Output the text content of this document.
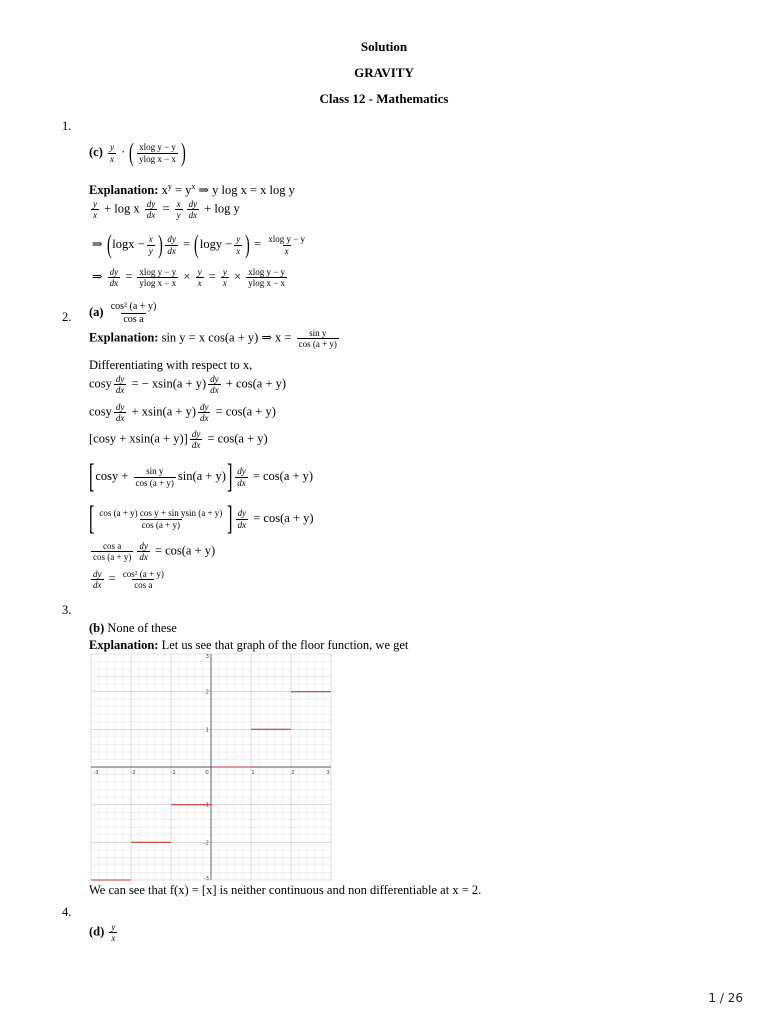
Solution
GRAVITY
Class 12 - Mathematics
1.
$(c) \frac{y}{x}$ · ( $\frac{\text{xlog y − y}}{\text{ylog x − x}}$ )
Explanation: $x^y = y^x$ ⇒ y log x = x log y
$\frac{y}{x} + \log x \frac{dy}{dx} = \frac{x}{y} \frac{dy}{dx} + \log y$
⇒ ($\log x - \frac{x}{y}$ ) $\frac{dy}{dx} = (\log y - \frac{y}{x}$ ) = $\frac{\text{xlog y − y}}{x}$
⇒ $\frac{dy}{dx} = \frac{\text{xlog y − y}}{\text{ylog x − x}} \times \frac{y}{x} = \frac{y}{x} \times \frac{\text{xlog y − y}}{\text{ylog x − x}}$
2. $(a) \frac{\text{cos² (a + y)}}{\text{cos a}}$
Explanation: sin y = x cos(a + y) ⇒ $x = \frac{\text{sin y}}{\cos (a + y)}$
Differentiating with respect to x,
cosy $\frac{dy}{dx}$ = − $xsin(a + y) \frac{dy}{dx} + \cos(a + y)$
cosy $\frac{dy}{dx} + xsin(a + y) \frac{dy}{dx} = \cos(a + y)$
$[\cos y + xsin(a + y)] \frac{dy}{dx} = \cos(a + y)$
$[\cos y + \frac{\text{sin y}}{\cos (a + y)} \sin(a + y)] \frac{dy}{dx} = \cos(a + y)$
[ $\frac{\text{cos (a + y) cos y + sin ysin (a + y)}}{\cos (a + y)}$ ] $\frac{dy}{dx} = \cos(a + y)$
$\frac{\text{cos a}}{\cos (a + y)} \frac{dy}{dx} = \cos(a + y)$
$\frac{dy}{dx} = \frac{\text{cos² (a + y)}}{\text{cos a}}$
3.
(b) None of these
Explanation: Let us see that graph of the floor function, we get
-3	-2	-1	0	1	2	3
-3
-2
-1
1
2
3
We can see that f(x) = [x] is neither continuous and non differentiable at x = 2.
4.
$(d) \frac{y}{x}$
1 / 26
